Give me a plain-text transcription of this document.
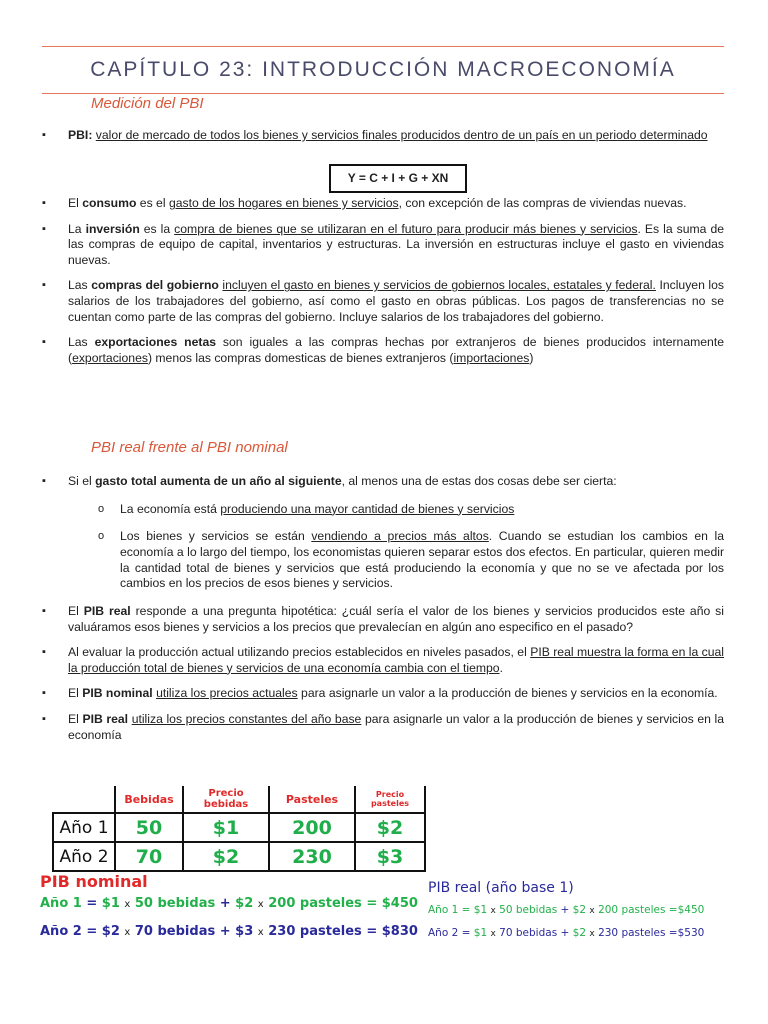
CAPÍTULO 23: INTRODUCCIÓN MACROECONOMÍA
Medición del PBI

▪ PBI: valor de mercado de todos los bienes y servicios finales producidos dentro de un país en un periodo determinado

Y = C + I + G + XN

▪ El consumo es el gasto de los hogares en bienes y servicios, con excepción de las compras de viviendas nuevas.

▪ La inversión es la compra de bienes que se utilizaran en el futuro para producir más bienes y servicios. Es la suma de las compras de equipo de capital, inventarios y estructuras. La inversión en estructuras incluye el gasto en viviendas nuevas.

▪ Las compras del gobierno incluyen el gasto en bienes y servicios de gobiernos locales, estatales y federal. Incluyen los salarios de los trabajadores del gobierno, así como el gasto en obras públicas. Los pagos de transferencias no se cuentan como parte de las compras del gobierno. Incluye salarios de los trabajadores del gobierno.

▪ Las exportaciones netas son iguales a las compras hechas por extranjeros de bienes producidos internamente (exportaciones) menos las compras domesticas de bienes extranjeros (importaciones)

PBI real frente al PBI nominal

▪ Si el gasto total aumenta de un año al siguiente, al menos una de estas dos cosas debe ser cierta:

o La economía está produciendo una mayor cantidad de bienes y servicios

o Los bienes y servicios se están vendiendo a precios más altos. Cuando se estudian los cambios en la economía a lo largo del tiempo, los economistas quieren separar estos dos efectos. En particular, quieren medir la cantidad total de bienes y servicios que está produciendo la economía y que no se ve afectada por los cambios en los precios de esos bienes y servicios.

▪ El PIB real responde a una pregunta hipotética: ¿cuál sería el valor de los bienes y servicios producidos este año si valuáramos esos bienes y servicios a los precios que prevalecían en algún ano especifico en el pasado?

▪ Al evaluar la producción actual utilizando precios establecidos en niveles pasados, el PIB real muestra la forma en la cual la producción total de bienes y servicios de una economía cambia con el tiempo.

▪ El PIB nominal utiliza los precios actuales para asignarle un valor a la producción de bienes y servicios en la economía.

▪ El PIB real utiliza los precios constantes del año base para asignarle un valor a la producción de bienes y servicios en la economía

	Bebidas	Precio bebidas	Pasteles	Precio pasteles
Año 1	50	$1	200	$2
Año 2	70	$2	230	$3
PIB nominal
Año 1 = $1 x 50 bebidas + $2 x 200 pasteles = $450
Año 2 = $2 x 70 bebidas + $3 x 230 pasteles = $830
PIB real (año base 1)
Año 1 = $1 x 50 bebidas + $2 x 200 pasteles =$450
Año 2 = $1 x 70 bebidas + $2 x 230 pasteles =$530
